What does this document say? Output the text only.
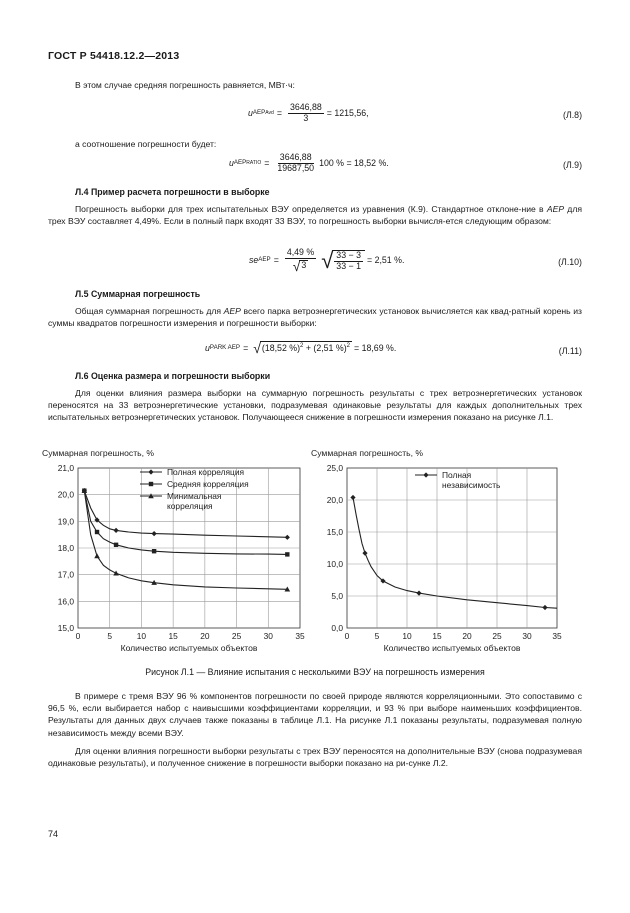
ГОСТ Р 54418.12.2—2013
В этом случае средняя погрешность равняется, МВт·ч:
u AEP Avd = $\frac{3646,88}{3} = 1215,56$,	(Л.8)
а соотношение погрешности будет:
u AEP RATIO = $\frac{3646,88}{19687,50} 100$ % = 18,52 %.	(Л.9)
Л.4 Пример расчета погрешности в выборке
Погрешность выборки для трех испытательных ВЭУ определяется из уравнения (К.9). Стандартное отклоне-ние в AEP для трех ВЭУ составляет 4,49%. Если в полный парк входят 33 ВЭУ, то погрешность выборки вычисля-ется следующим образом:
se AEP = $\frac{4,49 \%}{√ 3}$ √ $\frac{33 - 3}{33 - 1} = 2,51$ %.	(Л.10)
Л.5 Суммарная погрешность
Общая суммарная погрешность для AEP всего парка ветроэнергетических установок вычисляется как квад-ратный корень из суммы квадратов погрешности измерения и погрешности выборки:
u PARK AEP = √ (18,52 %)$^2$ + (2,51 %)$^2$ = 18,69 %.	(Л.11)
Л.6 Оценка размера и погрешности выборки
Для оценки влияния размера выборки на суммарную погрешность результаты с трех ветроэнергетических установок переносятся на 33 ветроэнергетические установки, подразумевая одинаковые результаты для каждых дополнительных трех испытательных ветроэнергетических установок. Получающееся снижение в погрешности измерения показано на рисунке Л.1.
Суммарная погрешность, %
21,0
20,0
19,0
18,0
17,0
16,0
15,0
0	5	10	15	20	25	30	35
Количество испытуемых объектов
Полная корреляция
Средняя корреляция
Минимальная
корреляция
Суммарная погрешность, %
25,0
20,0
15,0
10,0
5,0
0,0
0	5	10 15 20 25 30 35
Количество испытуемых объектов
Полная
независимость
Рисунок Л.1 — Влияние испытания с несколькими ВЭУ на погрешность измерения
В примере с тремя ВЭУ 96 % компонентов погрешности по своей природе являются корреляционными. Это сопоставимо с 96,5 %, если выбирается набор с наивысшими коэффициентами корреляции, и 93 % при выборе наименьших коэффициентов. Результаты для данных двух случаев также показаны в таблице Л.1. На рисунке Л.1 показаны результаты, подразумевая полную независимость между всеми ВЭУ.
Для оценки влияния погрешности выборки результаты с трех ВЭУ переносятся на дополнительные ВЭУ (снова подразумевая одинаковые результаты), и полученное снижение в погрешности выборки показано на ри-сунке Л.2.
74
